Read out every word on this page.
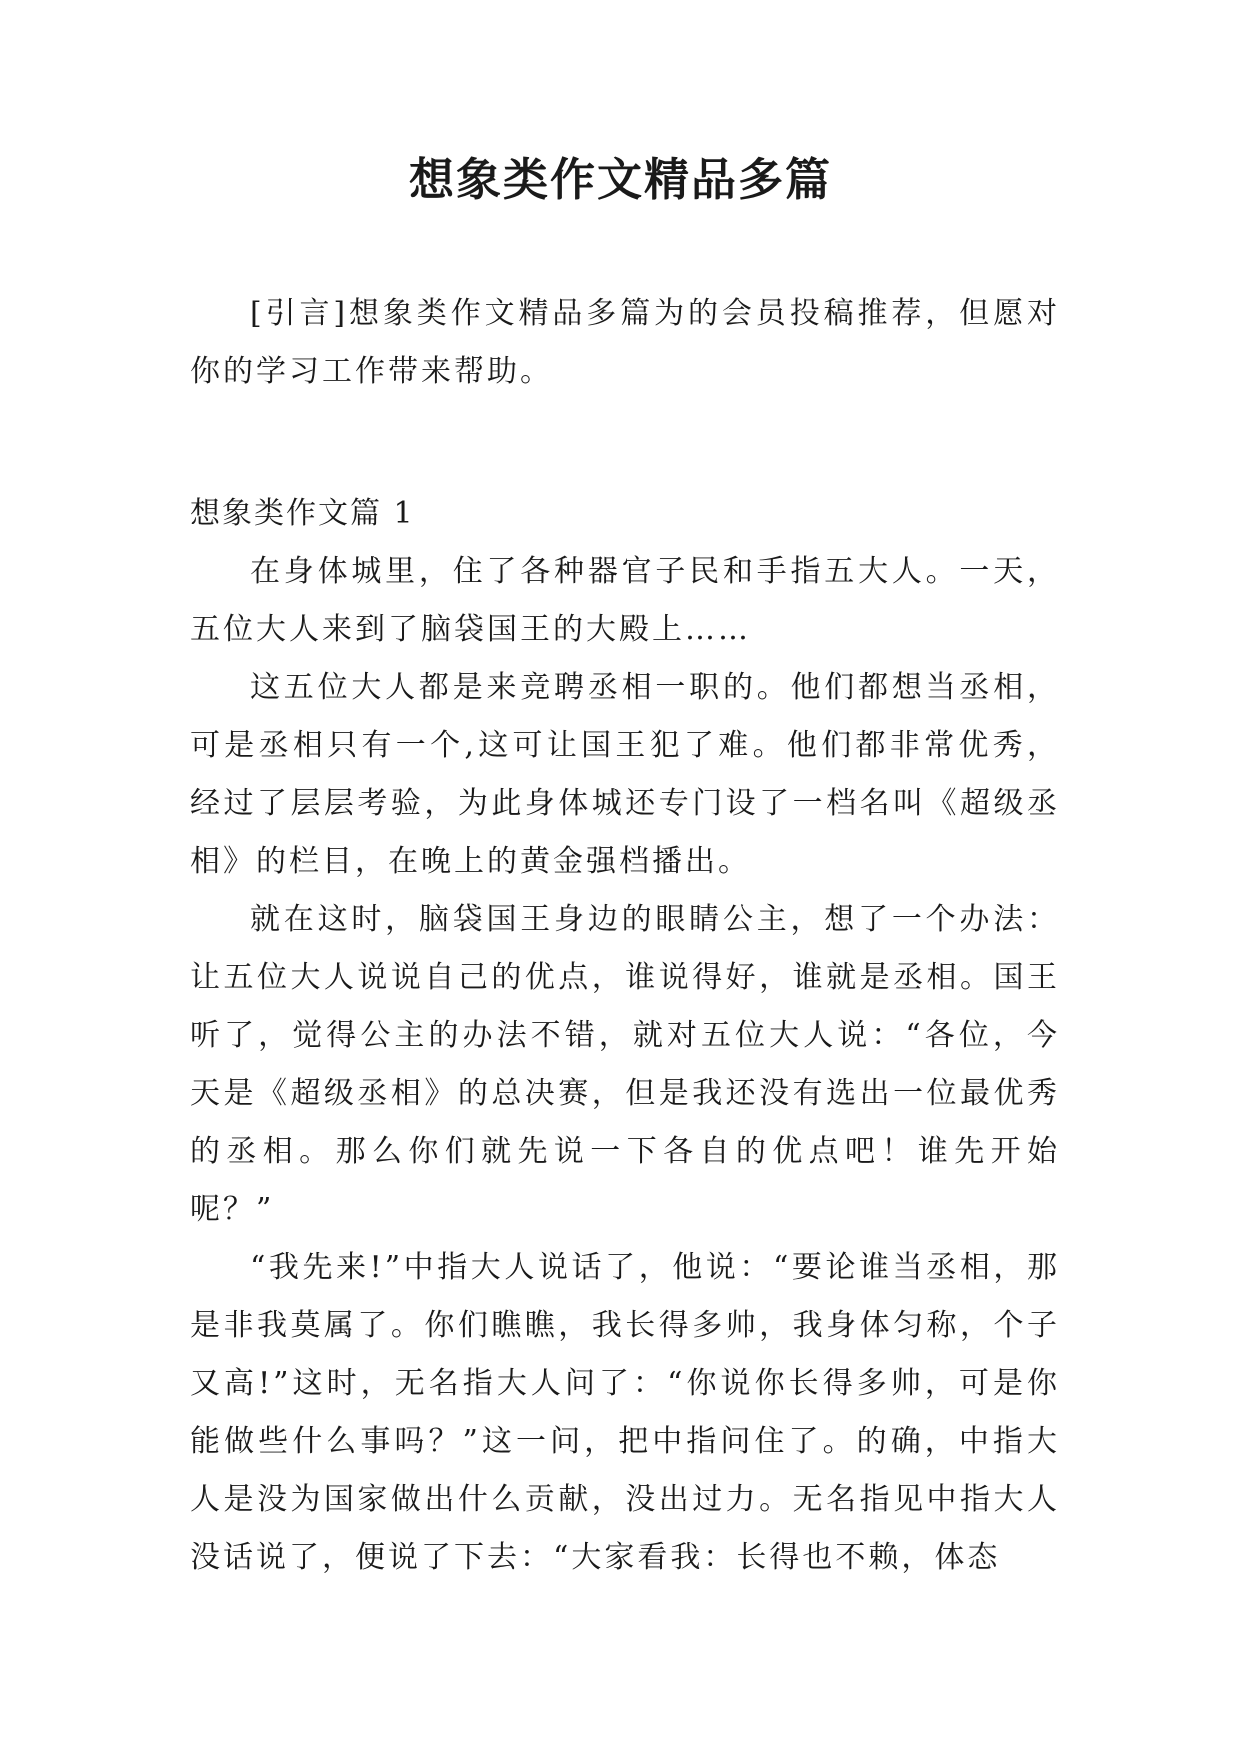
想象类作文精品多篇

[引言]想象类作文精品多篇为的会员投稿推荐，但愿对你的学习工作带来帮助。

想象类作文篇 1

在身体城里，住了各种器官子民和手指五大人。一天，五位大人来到了脑袋国王的大殿上……

这五位大人都是来竞聘丞相一职的。他们都想当丞相，可是丞相只有一个,这可让国王犯了难。他们都非常优秀，经过了层层考验，为此身体城还专门设了一档名叫《超级丞相》的栏目，在晚上的黄金强档播出。

就在这时，脑袋国王身边的眼睛公主，想了一个办法：让五位大人说说自己的优点，谁说得好，谁就是丞相。国王听了，觉得公主的办法不错，就对五位大人说：“各位，今天是《超级丞相》的总决赛，但是我还没有选出一位最优秀的丞相。那么你们就先说一下各自的优点吧！谁先开始呢？”

“我先来!”中指大人说话了，他说：“要论谁当丞相，那是非我莫属了。你们瞧瞧，我长得多帅，我身体匀称，个子又高!”这时，无名指大人问了：“你说你长得多帅，可是你能做些什么事吗？”这一问，把中指问住了。的确，中指大人是没为国家做出什么贡献，没出过力。无名指见中指大人没话说了，便说了下去：“大家看我：长得也不赖，体态
